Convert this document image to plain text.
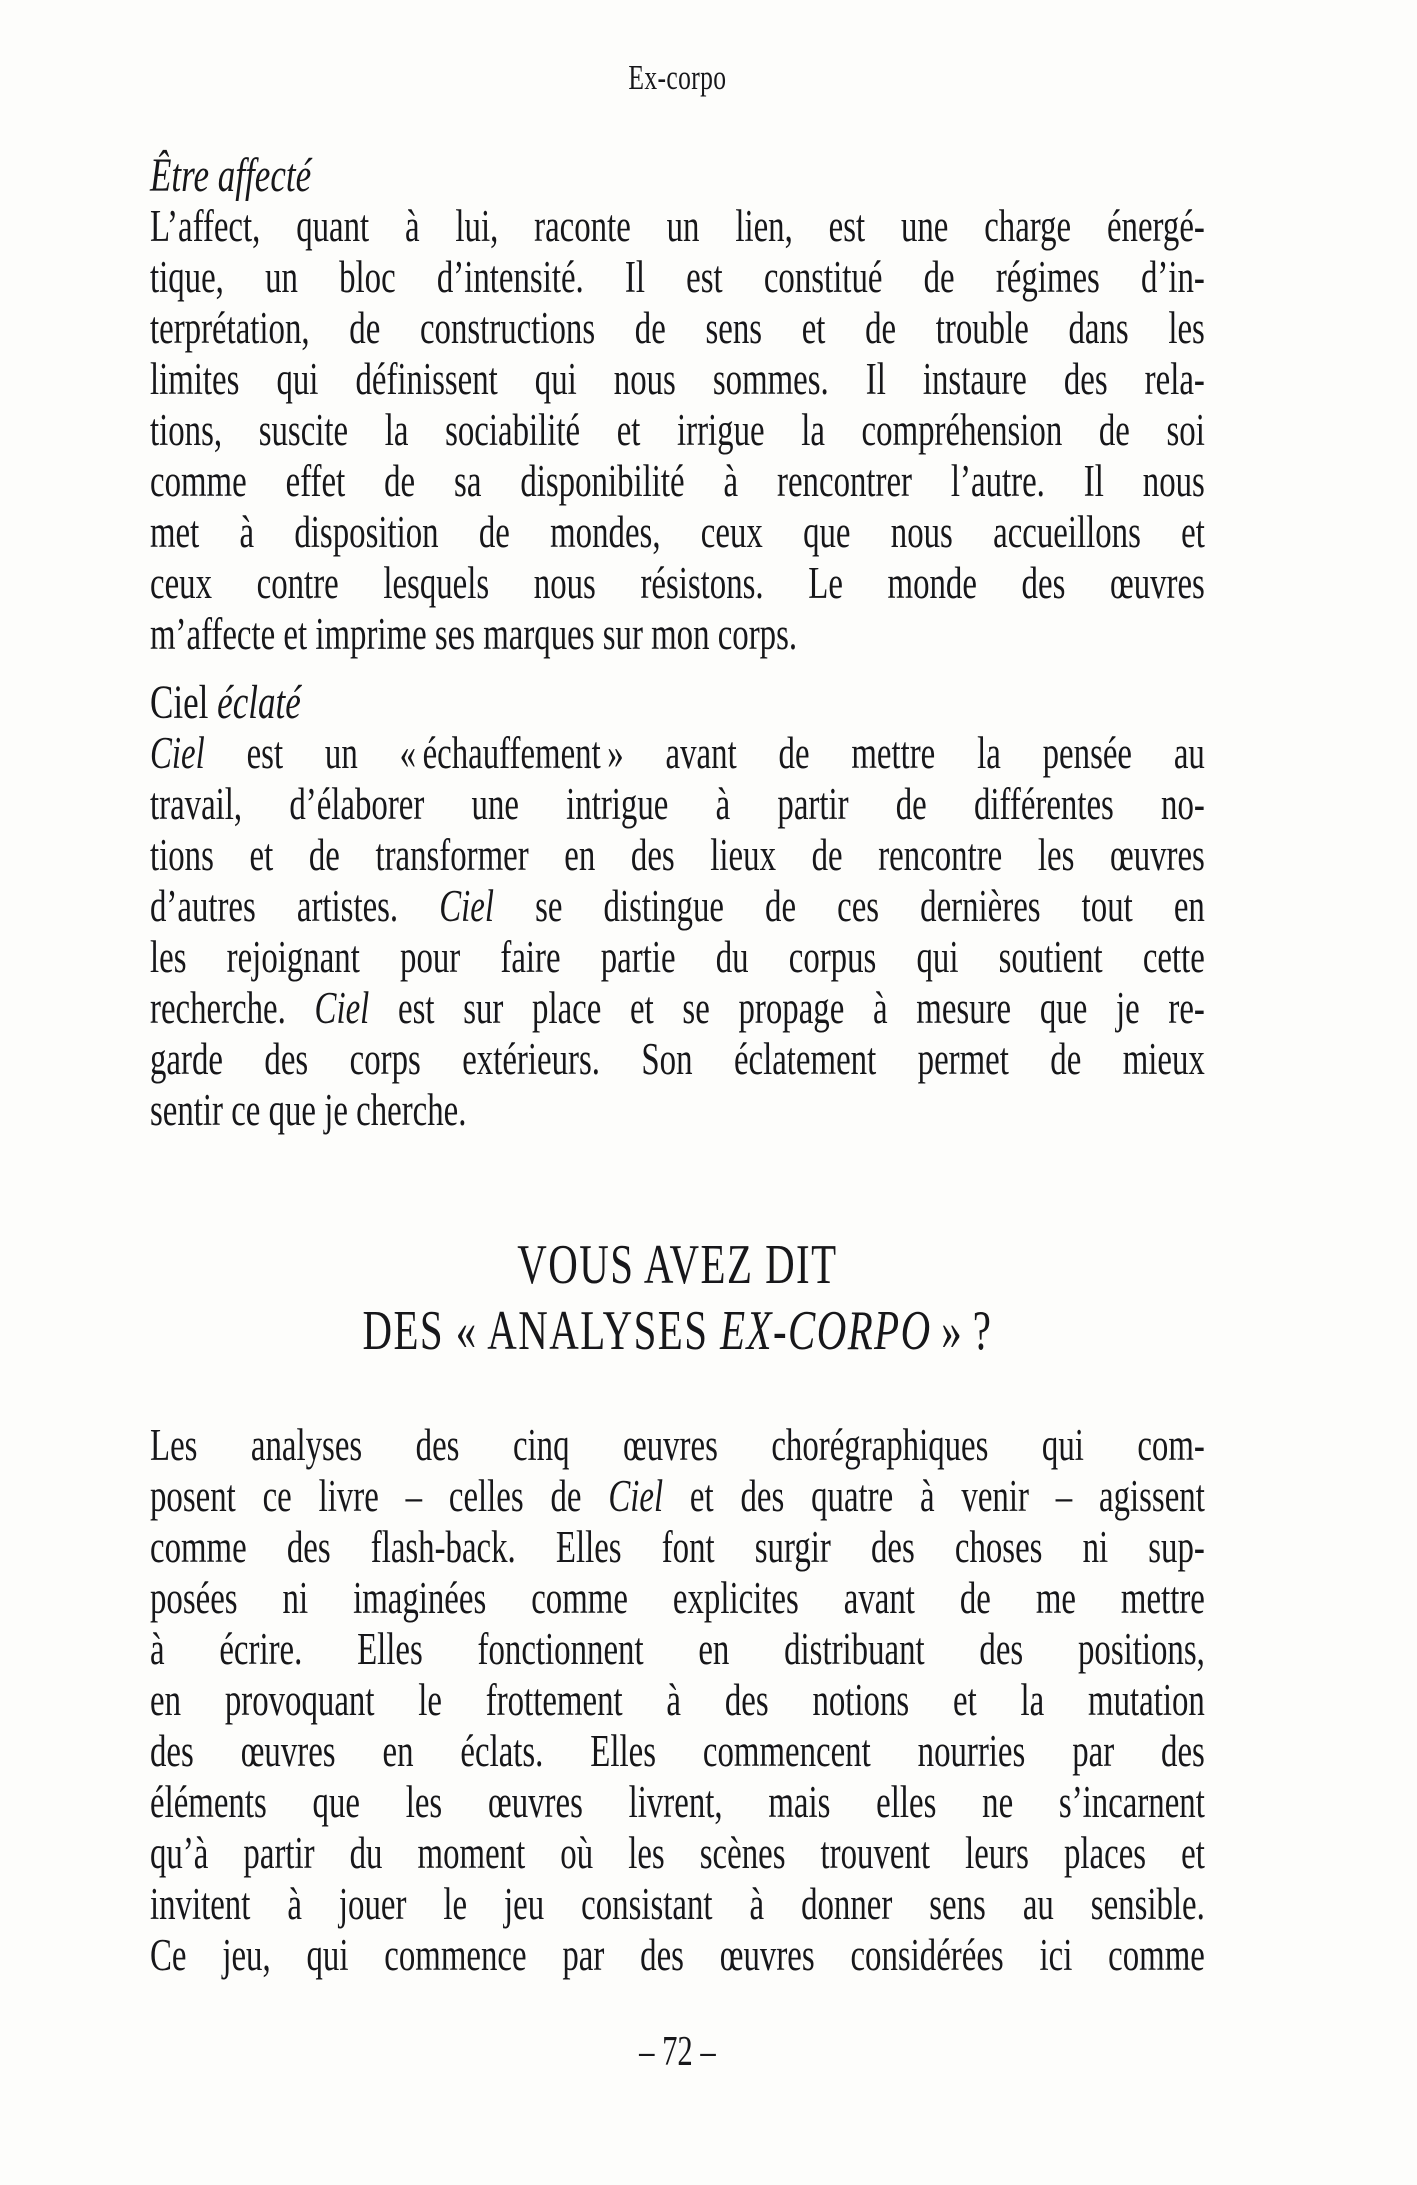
Ex-corpo
Être affecté
L’affect, quant à lui, raconte un lien, est une charge énergé-
tique, un bloc d’intensité. Il est constitué de régimes d’in-
terprétation, de constructions de sens et de trouble dans les
limites qui définissent qui nous sommes. Il instaure des rela-
tions, suscite la sociabilité et irrigue la compréhension de soi
comme effet de sa disponibilité à rencontrer l’autre. Il nous
met à disposition de mondes, ceux que nous accueillons et
ceux contre lesquels nous résistons. Le monde des œuvres
m’affecte et imprime ses marques sur mon corps.
Ciel éclaté
Ciel est un « échauffement » avant de mettre la pensée au
travail, d’élaborer une intrigue à partir de différentes no-
tions et de transformer en des lieux de rencontre les œuvres
d’autres artistes. Ciel se distingue de ces dernières tout en
les rejoignant pour faire partie du corpus qui soutient cette
recherche. Ciel est sur place et se propage à mesure que je re-
garde des corps extérieurs. Son éclatement permet de mieux
sentir ce que je cherche.
VOUS AVEZ DIT
DES « ANALYSES EX-CORPO » ?
Les analyses des cinq œuvres chorégraphiques qui com-
posent ce livre – celles de Ciel et des quatre à venir – agissent
comme des flash-back. Elles font surgir des choses ni sup-
posées ni imaginées comme explicites avant de me mettre
à écrire. Elles fonctionnent en distribuant des positions,
en provoquant le frottement à des notions et la mutation
des œuvres en éclats. Elles commencent nourries par des
éléments que les œuvres livrent, mais elles ne s’incarnent
qu’à partir du moment où les scènes trouvent leurs places et
invitent à jouer le jeu consistant à donner sens au sensible.
Ce jeu, qui commence par des œuvres considérées ici comme
– 72 –
